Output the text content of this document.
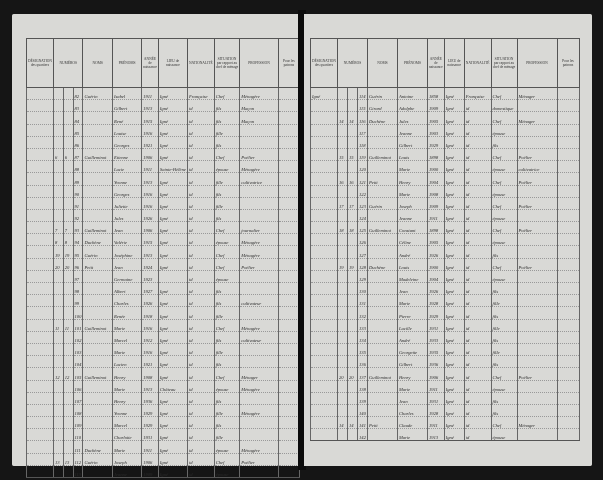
DÉSIGNATION des quartiers	NUMÉROS			NOMS	PRÉNOMS	ANNÉE de naissance	LIEU de naissance	NATIONALITÉ	SITUATION par rapport au chef de ménage	PROFESSION	Pour les patrons
			82	Guérin	Isabel	1911	Igné	Française	Chef	Ménagère	
			83		Gilbert	1913	Igné	id	fils	Maçon	
			84		René	1915	Igné	id	fils	Maçon	
			85		Louise	1916	Igné	id	fille		
			86		Georges	1921	Igné	id	fils		
	6	6	87	Guilleminot	Etienne	1906	Igné	id	Chef	Poëlier	
			88		Lucie	1911	Sainte-Hélène	id	épouse	Ménagère	
			89		Yvonne	1913	Igné	id	fille	cultivatrice	
			90		Georges	1916	Igné	id	fils		
			91		Juliette	1916	Igné	id	fille		
			92		Jules	1926	Igné	id	fils		
	7	7	93	Guilleminot	Jean	1906	Igné	id	Chef	journalier	
	8	8	94	Duchène	Valérie	1915	Igné	id	épouse	Ménagère	
	19	19	95	Guérin	Joséphine	1913	Igné	id	Chef	Ménagère	
	20	20	96	Petit	Jean	1924	Igné	id	Chef	Poëlier	
			97		Germaine	1923		id	épouse		
			98		Albert	1927	Igné	id	fils		
			99		Charles	1926	Igné	id	fils	cultivateur	
			100		Renée	1918	Igné	id	fille		
	11	11	101	Guilleminot	Marie	1916	Igné	id	Chef	Ménagère	
			102		Marcel	1912	Igné	id	fils	cultivateur	
			103		Marie	1916	Igné	id	fille		
			104		Lucien	1921	Igné	id	fils		
	12	12	105	Guilleminot	Henry	1908	Igné	id	Chef	Ménager	
			106		Marie	1913	Château	id	épouse	Ménagère	
			107		Henry	1936	Igné	id	fils		
			108		Yvonne	1929	Igné	id	fille	Ménagère	
			109		Marcel	1929	Igné	id	fils		
			110		Charlotte	1931	Igné	id	fille		
			111	Duchène	Marie	1911	Igné	id	épouse	Ménagère	
	13	13	112	Guérin	Joseph	1906	Igné	id	Chef	Poëlier	
			113		Jeanne	1909	Igné	id	épouse		
DÉSIGNATION des quartiers	NUMÉROS			NOMS	PRÉNOMS	ANNÉE de naissance	LIEU de naissance	NATIONALITÉ	SITUATION par rapport au chef de ménage	PROFESSION	Pour les patrons
Igné			114	Guérin	Antoine	1858	Igné	Française	Chef	Ménager	
			115	Girard	Adolphe	1909	Igné	id	domestique		
	14	14	116	Duchène	Jules	1905	Igné	id	Chef	Ménager	
			117		Jeanne	1903	Igné	id	épouse		
			118		Gilbert	1929	Igné	id	fils		
	15	15	119	Guilleminot	Louis	1898	Igné	id	Chef	Poëlier	
			120		Marie	1900	Igné	id	épouse	cultivatrice	
	16	16	121	Petit	Henry	1904	Igné	id	Chef	Poëlier	
			122		Marie	1908	Igné	id	épouse		
	17	17	123	Guérin	Joseph	1909	Igné	id	Chef	Poëlier	
			124		Jeanne	1911	Igné	id	épouse		
	18	18	125	Guilleminot	Constant	1898	Igné	id	Chef	Poëlier	
			126		Céline	1905	Igné	id	épouse		
			127		André	1926	Igné	id	fils		
	19	19	128	Duchène	Louis	1900	Igné	id	Chef	Poëlier	
			129		Madeleine	1904	Igné	id	épouse		
			130		Jean	1926	Igné	id	fils		
			131		Marie	1928	Igné	id	fille		
			132		Pierre	1929	Igné	id	fils		
			133		Lucille	1931	Igné	id	fille		
			134		André	1933	Igné	id	fils		
			135		Georgette	1935	Igné	id	fille		
			136		Gilbert	1936	Igné	id	fils		
	20	20	137	Guilleminot	Henry	1906	Igné	id	Chef	Poëlier	
			138		Marie	1911	Igné	id	épouse		
			139		Jean	1931	Igné	id	fils		
			140		Charles	1928	Igné	id	fils		
	14	14	141	Petit	Claude	1911	Igné	id	Chef	Ménager	
			142		Marie	1913	Igné	id	épouse		
